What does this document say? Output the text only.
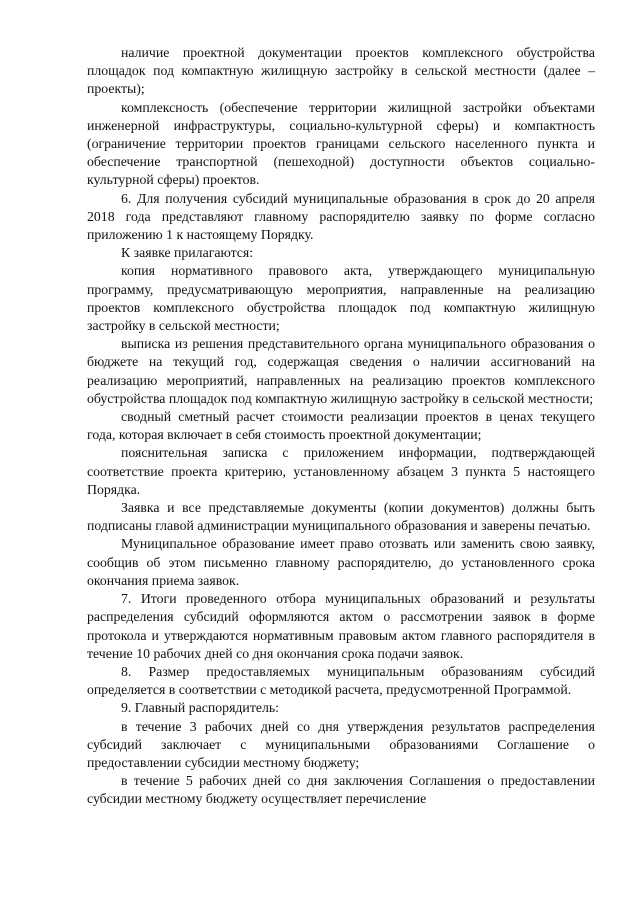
наличие проектной документации проектов комплексного обустройства площадок под компактную жилищную застройку в сельской местности (далее – проекты);

комплексность (обеспечение территории жилищной застройки объектами инженерной инфраструктуры, социально-культурной сферы) и компактность (ограничение территории проектов границами сельского населенного пункта и обеспечение транспортной (пешеходной) доступности объектов социально-культурной сферы) проектов.

6. Для получения субсидий муниципальные образования в срок до 20 апреля 2018 года представляют главному распорядителю заявку по форме согласно приложению 1 к настоящему Порядку.

К заявке прилагаются:

копия нормативного правового акта, утверждающего муниципальную программу, предусматривающую мероприятия, направленные на реализацию проектов комплексного обустройства площадок под компактную жилищную застройку в сельской местности;

выписка из решения представительного органа муниципального образования о бюджете на текущий год, содержащая сведения о наличии ассигнований на реализацию мероприятий, направленных на реализацию проектов комплексного обустройства площадок под компактную жилищную застройку в сельской местности;

сводный сметный расчет стоимости реализации проектов в ценах текущего года, которая включает в себя стоимость проектной документации;

пояснительная записка с приложением информации, подтверждающей соответствие проекта критерию, установленному абзацем 3 пункта 5 настоящего Порядка.

Заявка и все представляемые документы (копии документов) должны быть подписаны главой администрации муниципального образования и заверены печатью.

Муниципальное образование имеет право отозвать или заменить свою заявку, сообщив об этом письменно главному распорядителю, до установленного срока окончания приема заявок.

7. Итоги проведенного отбора муниципальных образований и результаты распределения субсидий оформляются актом о рассмотрении заявок в форме протокола и утверждаются нормативным правовым актом главного распорядителя в течение 10 рабочих дней со дня окончания срока подачи заявок.

8. Размер предоставляемых муниципальным образованиям субсидий определяется в соответствии с методикой расчета, предусмотренной Программой.

9. Главный распорядитель:

в течение 3 рабочих дней со дня утверждения результатов распределения субсидий заключает с муниципальными образованиями Соглашение о предоставлении субсидии местному бюджету;

в течение 5 рабочих дней со дня заключения Соглашения о предоставлении субсидии местному бюджету осуществляет перечисление
